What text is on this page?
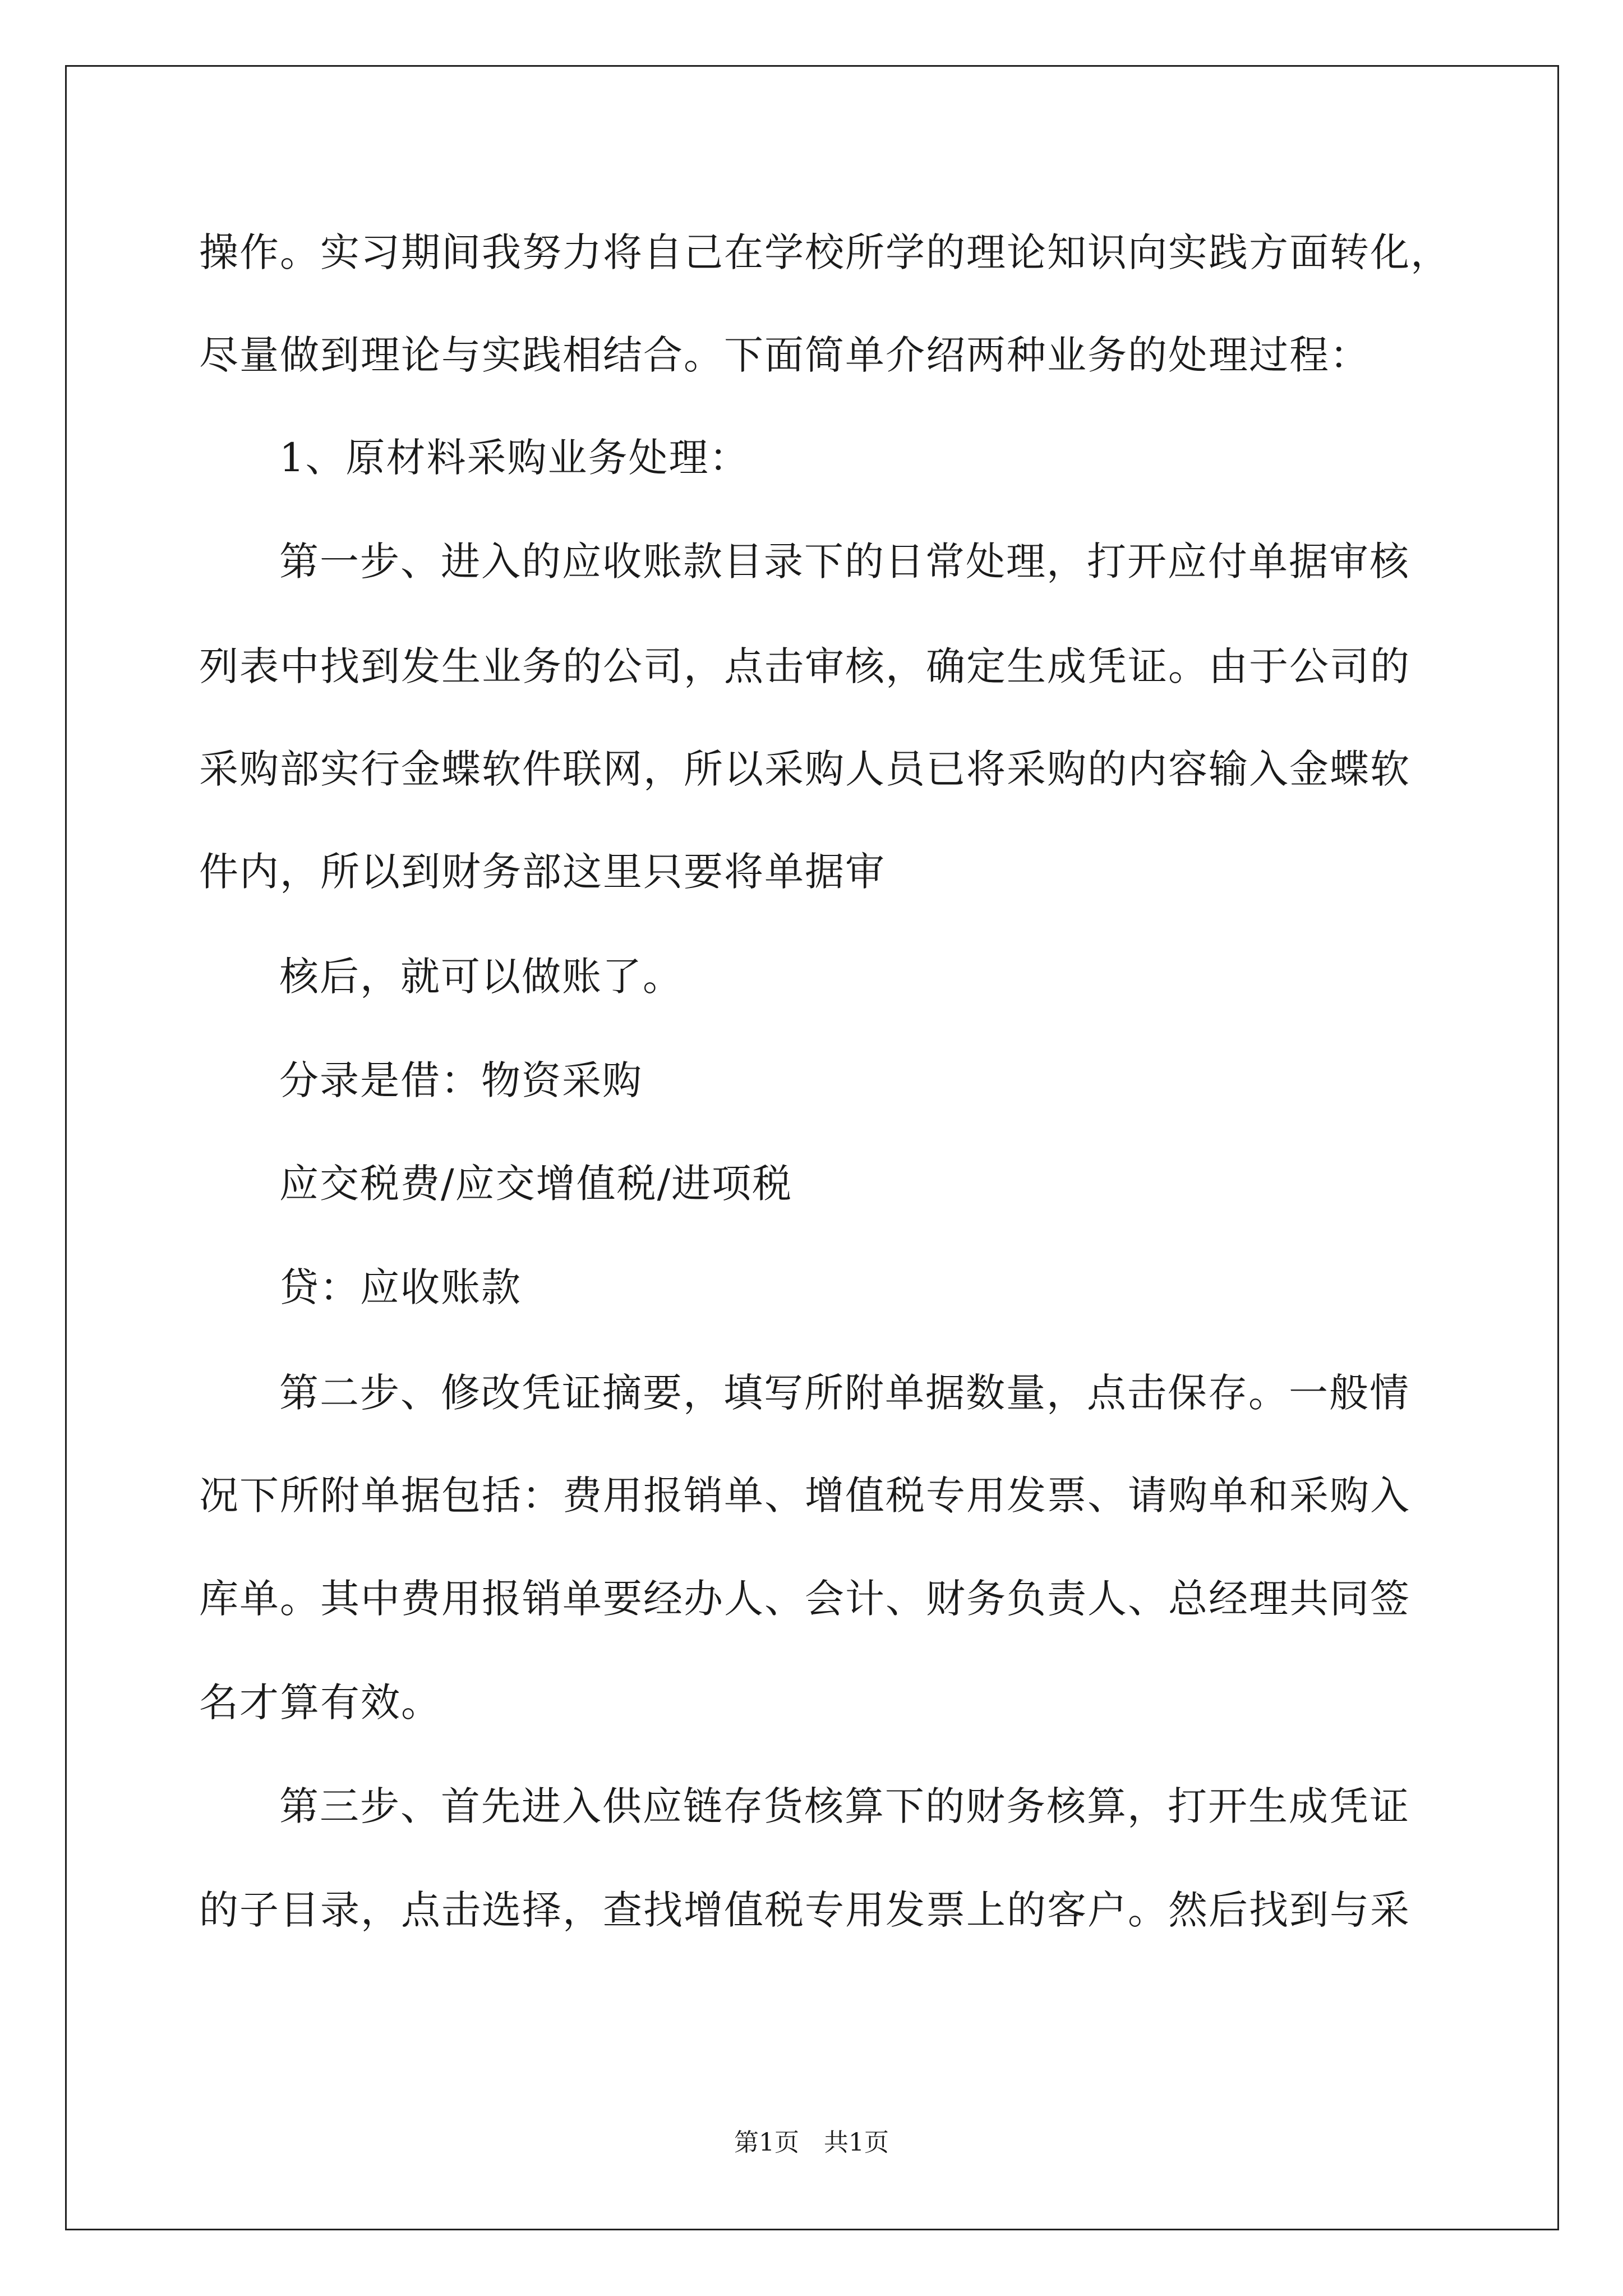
操作。实习期间我努力将自己在学校所学的理论知识向实践方面转化，

尽量做到理论与实践相结合。下面简单介绍两种业务的处理过程：

1、原材料采购业务处理：

第一步、进入的应收账款目录下的日常处理，打开应付单据审核

列表中找到发生业务的公司，点击审核，确定生成凭证。由于公司的

采购部实行金蝶软件联网，所以采购人员已将采购的内容输入金蝶软

件内，所以到财务部这里只要将单据审

核后，就可以做账了。

分录是借：物资采购

应交税费/应交增值税/进项税

贷：应收账款

第二步、修改凭证摘要，填写所附单据数量，点击保存。一般情

况下所附单据包括：费用报销单、增值税专用发票、请购单和采购入

库单。其中费用报销单要经办人、会计、财务负责人、总经理共同签

名才算有效。

第三步、首先进入供应链存货核算下的财务核算，打开生成凭证

的子目录，点击选择，查找增值税专用发票上的客户。然后找到与采

第1页　共1页
